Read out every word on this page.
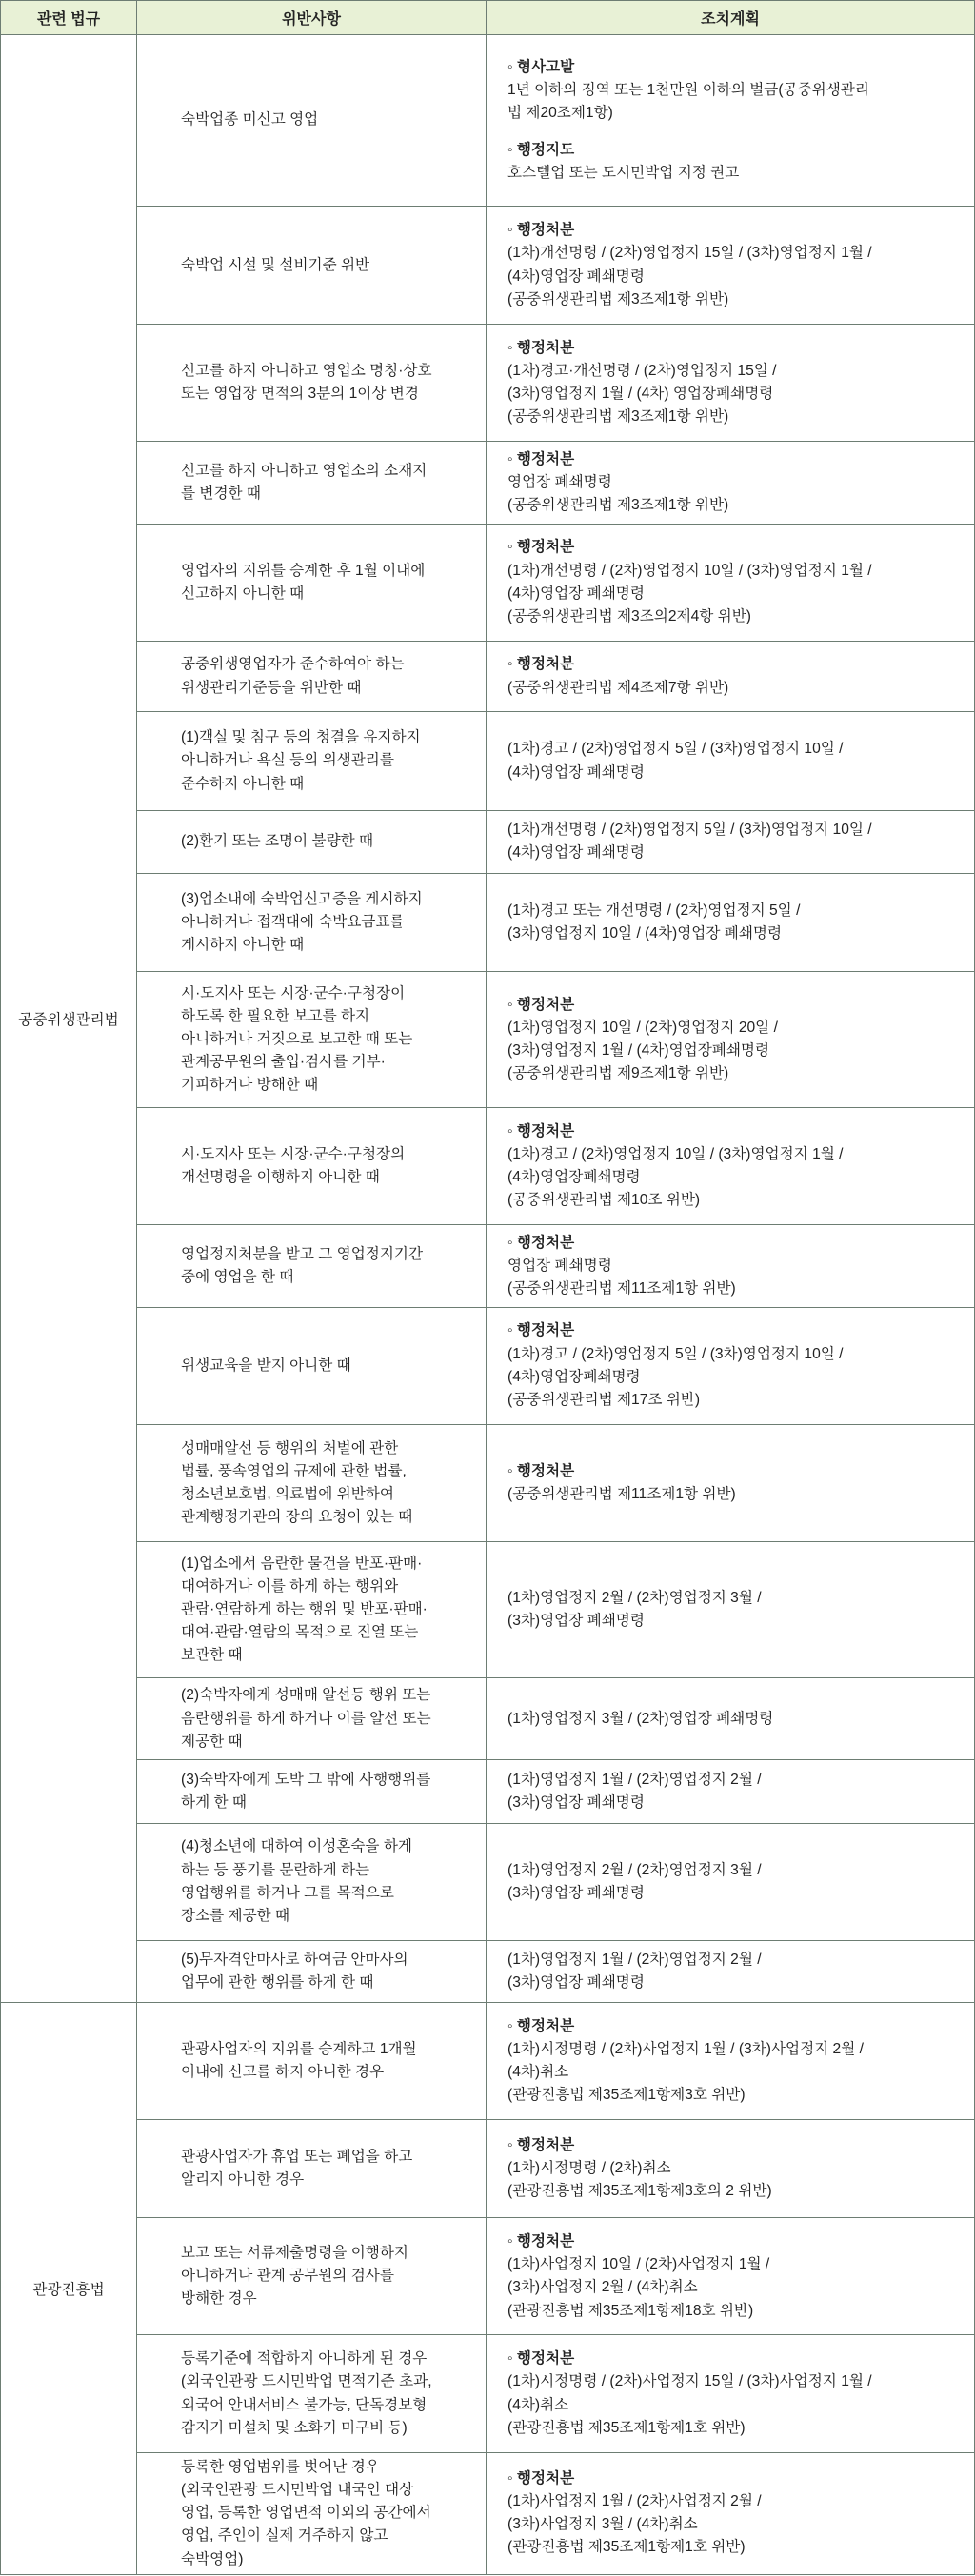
관련 법규	위반사항	조치계획
공중위생관리법	숙박업종 미신고 영업	◦ 형사고발
1년 이하의 징역 또는 1천만원 이하의 벌금(공중위생관리
법 제20조제1항)
◦ 행정지도
호스텔업 또는 도시민박업 지정 권고

	숙박업 시설 및 설비기준 위반	◦ 행정처분
(1차)개선명령 / (2차)영업정지 15일 / (3차)영업정지 1월 /
(4차)영업장 폐쇄명령
(공중위생관리법 제3조제1항 위반)

	신고를 하지 아니하고 영업소 명칭·상호
또는 영업장 면적의 3분의 1이상 변경	◦ 행정처분
(1차)경고·개선명령 / (2차)영업정지 15일 /
(3차)영업정지 1월 / (4차) 영업장폐쇄명령
(공중위생관리법 제3조제1항 위반)

	신고를 하지 아니하고 영업소의 소재지
를 변경한 때	◦ 행정처분
영업장 폐쇄명령
(공중위생관리법 제3조제1항 위반)

	영업자의 지위를 승계한 후 1월 이내에
신고하지 아니한 때	◦ 행정처분
(1차)개선명령 / (2차)영업정지 10일 / (3차)영업정지 1월 /
(4차)영업장 폐쇄명령
(공중위생관리법 제3조의2제4항 위반)

	공중위생영업자가 준수하여야 하는
위생관리기준등을 위반한 때	◦ 행정처분
(공중위생관리법 제4조제7항 위반)

	(1)객실 및 침구 등의 청결을 유지하지
아니하거나 욕실 등의 위생관리를
준수하지 아니한 때	(1차)경고 / (2차)영업정지 5일 / (3차)영업정지 10일 /
(4차)영업장 폐쇄명령

	(2)환기 또는 조명이 불량한 때	(1차)개선명령 / (2차)영업정지 5일 / (3차)영업정지 10일 /
(4차)영업장 폐쇄명령

	(3)업소내에 숙박업신고증을 게시하지
아니하거나 접객대에 숙박요금표를
게시하지 아니한 때	(1차)경고 또는 개선명령 / (2차)영업정지 5일 /
(3차)영업정지 10일 / (4차)영업장 폐쇄명령

	시·도지사 또는 시장·군수·구청장이
하도록 한 필요한 보고를 하지
아니하거나 거짓으로 보고한 때 또는
관계공무원의 출입·검사를 거부·
기피하거나 방해한 때	◦ 행정처분
(1차)영업정지 10일 / (2차)영업정지 20일 /
(3차)영업정지 1월 / (4차)영업장폐쇄명령
(공중위생관리법 제9조제1항 위반)

	시·도지사 또는 시장·군수·구청장의
개선명령을 이행하지 아니한 때	◦ 행정처분
(1차)경고 / (2차)영업정지 10일 / (3차)영업정지 1월 /
(4차)영업장폐쇄명령
(공중위생관리법 제10조 위반)

	영업정지처분을 받고 그 영업정지기간
중에 영업을 한 때	◦ 행정처분
영업장 폐쇄명령
(공중위생관리법 제11조제1항 위반)

	위생교육을 받지 아니한 때	◦ 행정처분
(1차)경고 / (2차)영업정지 5일 / (3차)영업정지 10일 /
(4차)영업장폐쇄명령
(공중위생관리법 제17조 위반)

	성매매알선 등 행위의 처벌에 관한
법률, 풍속영업의 규제에 관한 법률,
청소년보호법, 의료법에 위반하여
관계행정기관의 장의 요청이 있는 때	◦ 행정처분
(공중위생관리법 제11조제1항 위반)

	(1)업소에서 음란한 물건을 반포·판매·
대여하거나 이를 하게 하는 행위와
관람·연람하게 하는 행위 및 반포·판매·
대여·관람·열람의 목적으로 진열 또는
보관한 때	(1차)영업정지 2월 / (2차)영업정지 3월 /
(3차)영업장 폐쇄명령

	(2)숙박자에게 성매매 알선등 행위 또는
음란행위를 하게 하거나 이를 알선 또는
제공한 때	(1차)영업정지 3월 / (2차)영업장 폐쇄명령

	(3)숙박자에게 도박 그 밖에 사행행위를
하게 한 때	(1차)영업정지 1월 / (2차)영업정지 2월 /
(3차)영업장 폐쇄명령

	(4)청소년에 대하여 이성혼숙을 하게
하는 등 풍기를 문란하게 하는
영업행위를 하거나 그를 목적으로
장소를 제공한 때	(1차)영업정지 2월 / (2차)영업정지 3월 /
(3차)영업장 폐쇄명령

	(5)무자격안마사로 하여금 안마사의
업무에 관한 행위를 하게 한 때	(1차)영업정지 1월 / (2차)영업정지 2월 /
(3차)영업장 폐쇄명령

관광진흥법	관광사업자의 지위를 승계하고 1개월
이내에 신고를 하지 아니한 경우	◦ 행정처분
(1차)시정명령 / (2차)사업정지 1월 / (3차)사업정지 2월 /
(4차)취소
(관광진흥법 제35조제1항제3호 위반)

	관광사업자가 휴업 또는 폐업을 하고
알리지 아니한 경우	◦ 행정처분
(1차)시정명령 / (2차)취소
(관광진흥법 제35조제1항제3호의 2 위반)

	보고 또는 서류제출명령을 이행하지
아니하거나 관계 공무원의 검사를
방해한 경우	◦ 행정처분
(1차)사업정지 10일 / (2차)사업정지 1월 /
(3차)사업정지 2월 / (4차)취소
(관광진흥법 제35조제1항제18호 위반)

	등록기준에 적합하지 아니하게 된 경우
(외국인관광 도시민박업 면적기준 초과,
외국어 안내서비스 불가능, 단독경보형
감지기 미설치 및 소화기 미구비 등)	◦ 행정처분
(1차)시정명령 / (2차)사업정지 15일 / (3차)사업정지 1월 /
(4차)취소
(관광진흥법 제35조제1항제1호 위반)

	등록한 영업범위를 벗어난 경우
(외국인관광 도시민박업 내국인 대상
영업, 등록한 영업면적 이외의 공간에서
영업, 주인이 실제 거주하지 않고
숙박영업)	◦ 행정처분
(1차)사업정지 1월 / (2차)사업정지 2월 /
(3차)사업정지 3월 / (4차)취소
(관광진흥법 제35조제1항제1호 위반)
